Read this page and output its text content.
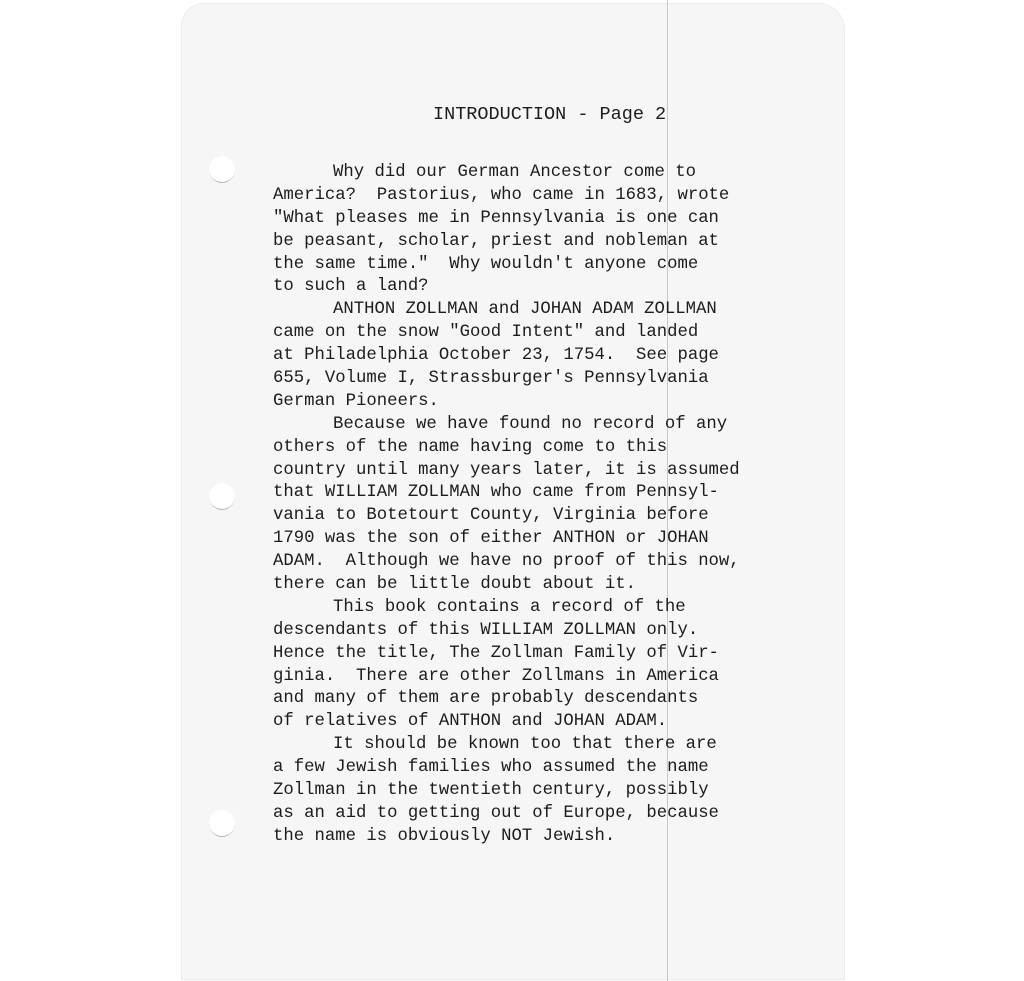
INTRODUCTION - Page 2
Why did our German Ancestor come to
America?  Pastorius, who came in 1683, wrote
"What pleases me in Pennsylvania is one can
be peasant, scholar, priest and nobleman at
the same time."  Why wouldn't anyone come
to such a land?
ANTHON ZOLLMAN and JOHAN ADAM ZOLLMAN
came on the snow "Good Intent" and landed
at Philadelphia October 23, 1754.  See page
655, Volume I, Strassburger's Pennsylvania
German Pioneers.
Because we have found no record of any
others of the name having come to this
country until many years later, it is assumed
that WILLIAM ZOLLMAN who came from Pennsyl-
vania to Botetourt County, Virginia before
1790 was the son of either ANTHON or JOHAN
ADAM.  Although we have no proof of this now,
there can be little doubt about it.
This book contains a record of the
descendants of this WILLIAM ZOLLMAN only.
Hence the title, The Zollman Family of Vir-
ginia.  There are other Zollmans in America
and many of them are probably descendants
of relatives of ANTHON and JOHAN ADAM.
It should be known too that there are
a few Jewish families who assumed the name
Zollman in the twentieth century, possibly
as an aid to getting out of Europe, because
the name is obviously NOT Jewish.
